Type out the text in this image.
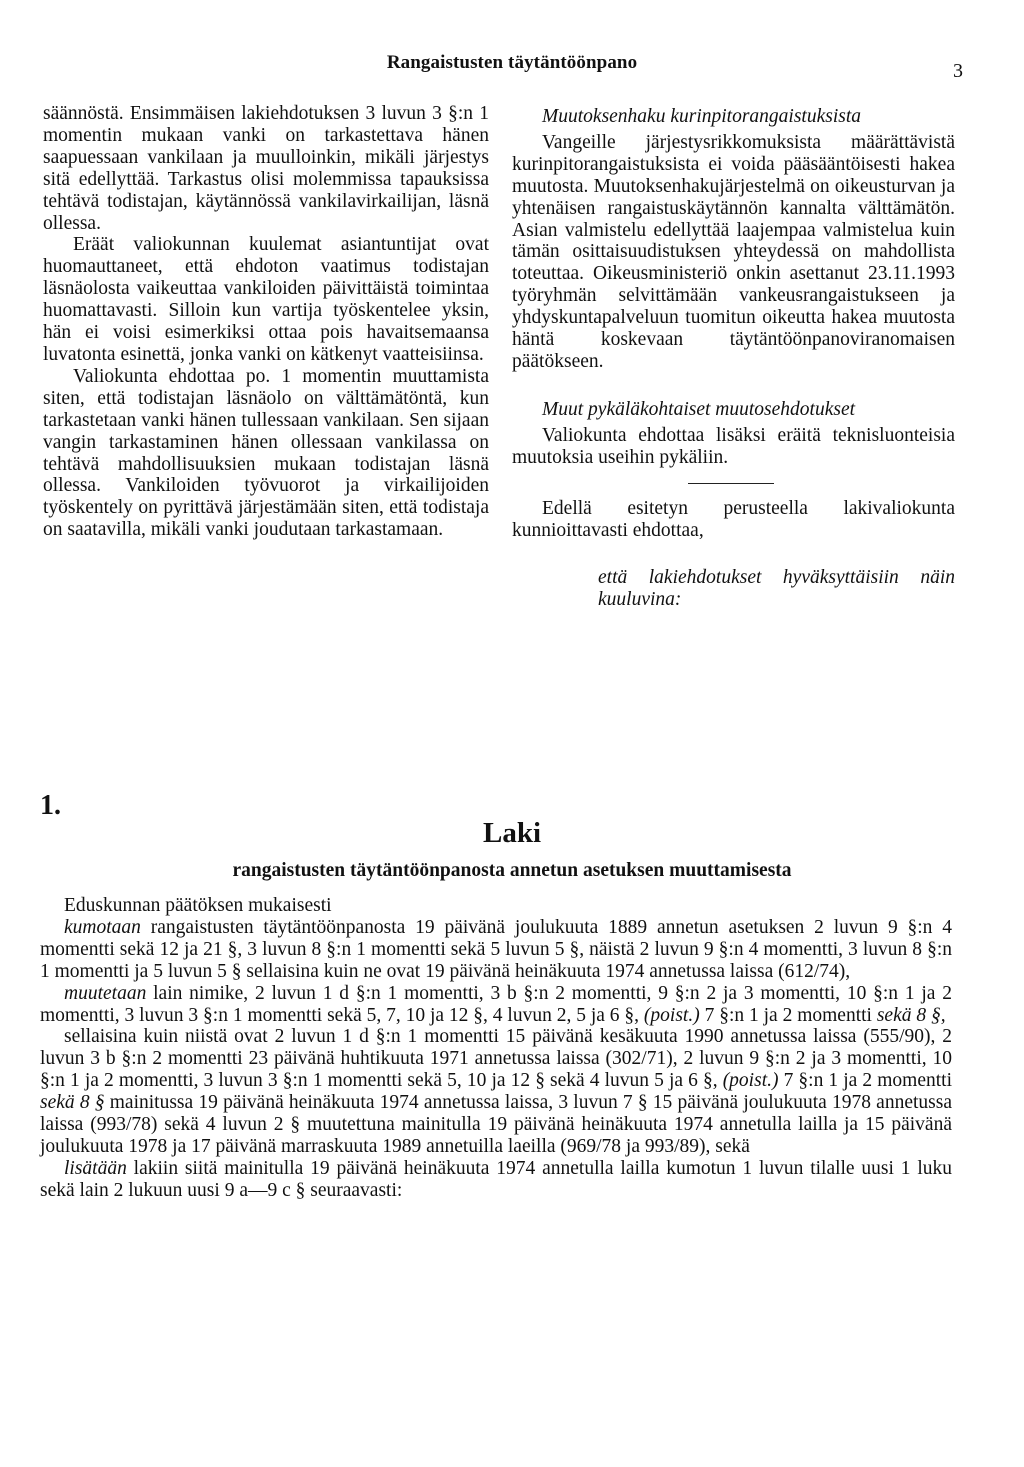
Rangaistusten täytäntöönpano	3

säännöstä. Ensimmäisen lakiehdotuksen 3 luvun 3 §:n 1 momentin mukaan vanki on tarkastettava hänen saapuessaan vankilaan ja muulloinkin, mikäli järjestys sitä edellyttää. Tarkastus olisi molemmissa tapauksissa tehtävä todistajan, käytännössä vankilavirkailijan, läsnä ollessa.

Eräät valiokunnan kuulemat asiantuntijat ovat huomauttaneet, että ehdoton vaatimus todistajan läsnäolosta vaikeuttaa vankiloiden päivittäistä toimintaa huomattavasti. Silloin kun vartija työskentelee yksin, hän ei voisi esimerkiksi ottaa pois havaitsemaansa luvatonta esinettä, jonka vanki on kätkenyt vaatteisiinsa.

Valiokunta ehdottaa po. 1 momentin muuttamista siten, että todistajan läsnäolo on välttämätöntä, kun tarkastetaan vanki hänen tullessaan vankilaan. Sen sijaan vangin tarkastaminen hänen ollessaan vankilassa on tehtävä mahdollisuuksien mukaan todistajan läsnä ollessa. Vankiloiden työvuorot ja virkailijoiden työskentely on pyrittävä järjestämään siten, että todistaja on saatavilla, mikäli vanki joudutaan tarkastamaan.

Muutoksenhaku kurinpitorangaistuksista

Vangeille järjestysrikkomuksista määrättävistä kurinpitorangaistuksista ei voida pääsääntöisesti hakea muutosta. Muutoksenhakujärjestelmä on oikeusturvan ja yhtenäisen rangaistuskäytännön kannalta välttämätön. Asian valmistelu edellyttää laajempaa valmistelua kuin tämän osittaisuudistuksen yhteydessä on mahdollista toteuttaa. Oikeusministeriö onkin asettanut 23.11.1993 työryhmän selvittämään vankeusrangaistukseen ja yhdyskuntapalveluun tuomitun oikeutta hakea muutosta häntä koskevaan täytäntöönpanoviranomaisen päätökseen.

Muut pykäläkohtaiset muutosehdotukset

Valiokunta ehdottaa lisäksi eräitä teknisluonteisia muutoksia useihin pykäliin.

Edellä esitetyn perusteella lakivaliokunta kunnioittavasti ehdottaa,

että lakiehdotukset hyväksyttäisiin näin kuuluvina:

1.
Laki
rangaistusten täytäntöönpanosta annetun asetuksen muuttamisesta

Eduskunnan päätöksen mukaisesti

kumotaan rangaistusten täytäntöönpanosta 19 päivänä joulukuuta 1889 annetun asetuksen 2 luvun 9 §:n 4 momentti sekä 12 ja 21 §, 3 luvun 8 §:n 1 momentti sekä 5 luvun 5 §, näistä 2 luvun 9 §:n 4 momentti, 3 luvun 8 §:n 1 momentti ja 5 luvun 5 § sellaisina kuin ne ovat 19 päivänä heinäkuuta 1974 annetussa laissa (612/74),

muutetaan lain nimike, 2 luvun 1 d §:n 1 momentti, 3 b §:n 2 momentti, 9 §:n 2 ja 3 momentti, 10 §:n 1 ja 2 momentti, 3 luvun 3 §:n 1 momentti sekä 5, 7, 10 ja 12 §, 4 luvun 2, 5 ja 6 §, (poist.) 7 §:n 1 ja 2 momentti sekä 8 §,

sellaisina kuin niistä ovat 2 luvun 1 d §:n 1 momentti 15 päivänä kesäkuuta 1990 annetussa laissa (555/90), 2 luvun 3 b §:n 2 momentti 23 päivänä huhtikuuta 1971 annetussa laissa (302/71), 2 luvun 9 §:n 2 ja 3 momentti, 10 §:n 1 ja 2 momentti, 3 luvun 3 §:n 1 momentti sekä 5, 10 ja 12 § sekä 4 luvun 5 ja 6 §, (poist.) 7 §:n 1 ja 2 momentti sekä 8 § mainitussa 19 päivänä heinäkuuta 1974 annetussa laissa, 3 luvun 7 § 15 päivänä joulukuuta 1978 annetussa laissa (993/78) sekä 4 luvun 2 § muutettuna mainitulla 19 päivänä heinäkuuta 1974 annetulla lailla ja 15 päivänä joulukuuta 1978 ja 17 päivänä marraskuuta 1989 annetuilla laeilla (969/78 ja 993/89), sekä

lisätään lakiin siitä mainitulla 19 päivänä heinäkuuta 1974 annetulla lailla kumotun 1 luvun tilalle uusi 1 luku sekä lain 2 lukuun uusi 9 a—9 c § seuraavasti:
